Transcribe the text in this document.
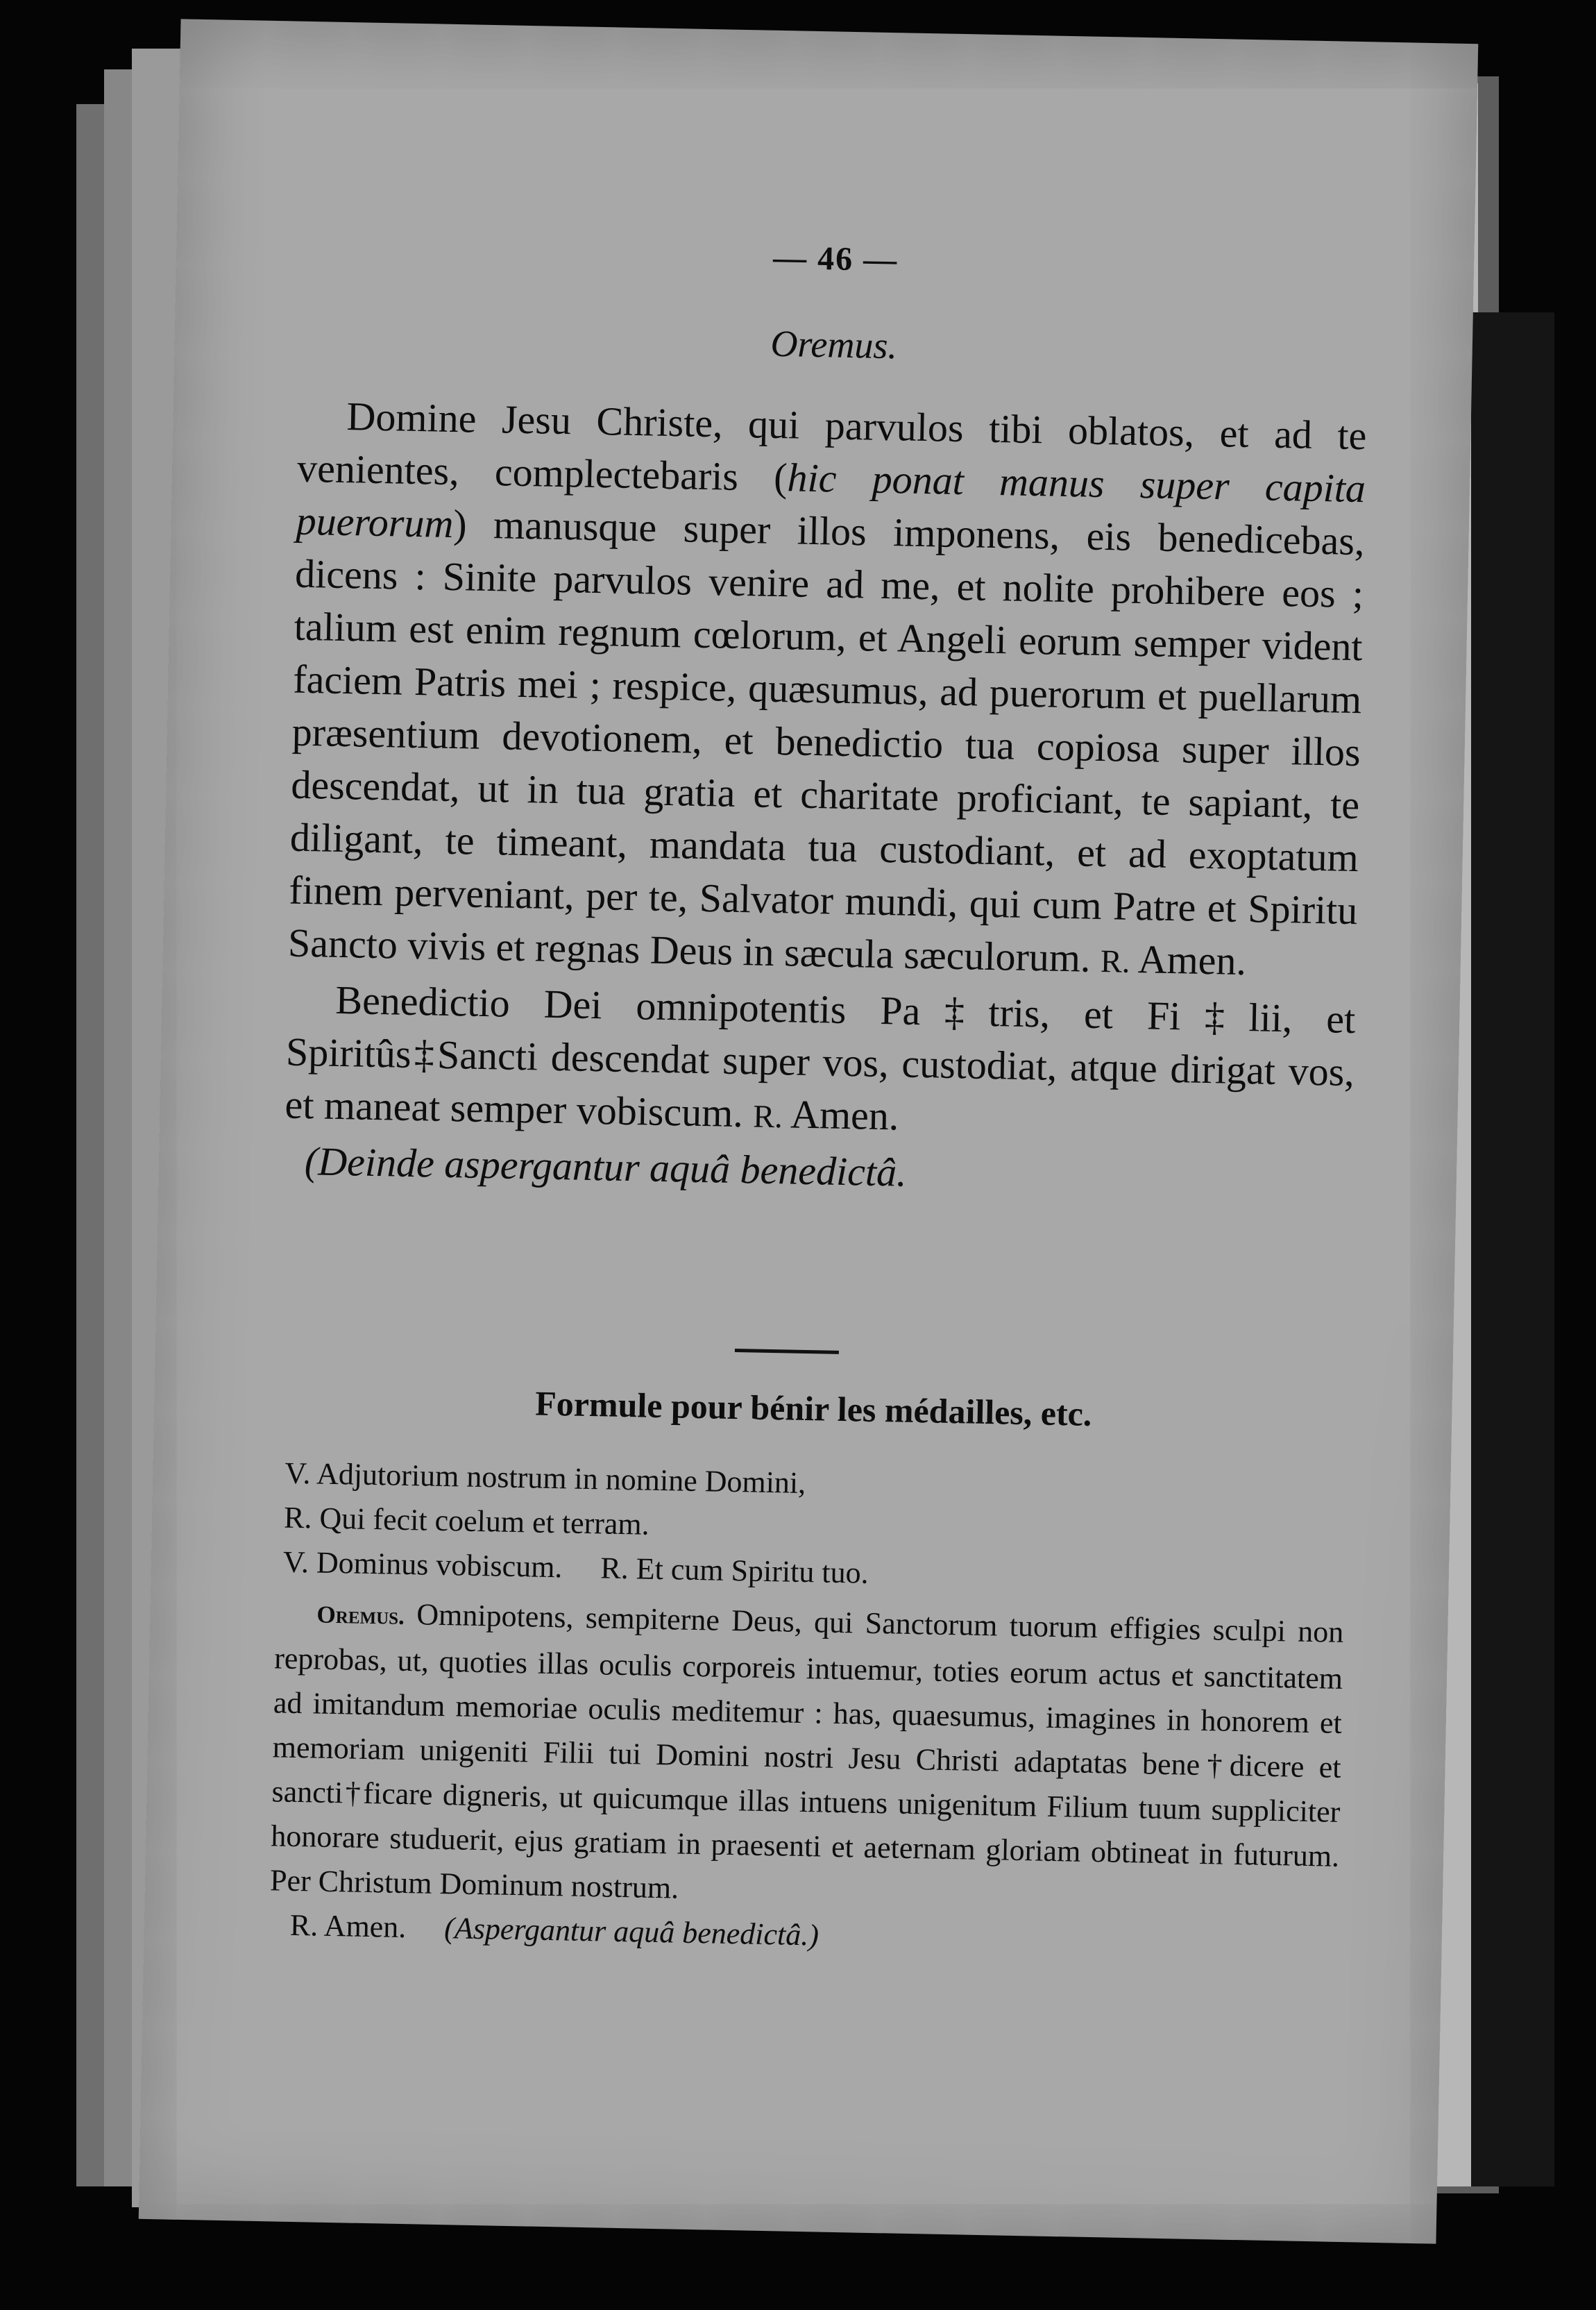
— 46 —
Oremus.

Domine Jesu Christe, qui parvulos tibi oblatos, et ad te venientes, complectebaris (hic ponat manus super capita puerorum) manusque super illos imponens, eis benedicebas, dicens : Sinite parvulos venire ad me, et nolite prohibere eos ; talium est enim regnum cœlorum, et Angeli eorum semper vident faciem Patris mei ; respice, quæsumus, ad puerorum et puellarum præsentium devotionem, et benedictio tua copiosa super illos descendat, ut in tua gratia et charitate proficiant, te sapiant, te diligant, te timeant, mandata tua custodiant, et ad exoptatum finem perveniant, per te, Salvator mundi, qui cum Patre et Spiritu Sancto vivis et regnas Deus in sæcula sæculorum. R. Amen.

Benedictio Dei omnipotentis Pa‡tris, et Fi‡lii, et Spiritûs‡Sancti descendat super vos, custodiat, atque dirigat vos, et maneat semper vobiscum. R. Amen.

(Deinde aspergantur aquâ benedictâ.

Formule pour bénir les médailles, etc.

V. Adjutorium nostrum in nomine Domini,

R. Qui fecit coelum et terram.

V. Dominus vobiscum. R. Et cum Spiritu tuo.

Oremus. Omnipotens, sempiterne Deus, qui Sanctorum tuorum effigies sculpi non reprobas, ut, quoties illas oculis corporeis intuemur, toties eorum actus et sanctitatem ad imitandum memoriae oculis meditemur : has, quaesumus, imagines in honorem et memoriam unigeniti Filii tui Domini nostri Jesu Christi adaptatas bene†dicere et sancti†ficare digneris, ut quicumque illas intuens unigenitum Filium tuum suppliciter honorare studuerit, ejus gratiam in praesenti et aeternam gloriam obtineat in futurum. Per Christum Dominum nostrum.

R. Amen. (Aspergantur aquâ benedictâ.)
